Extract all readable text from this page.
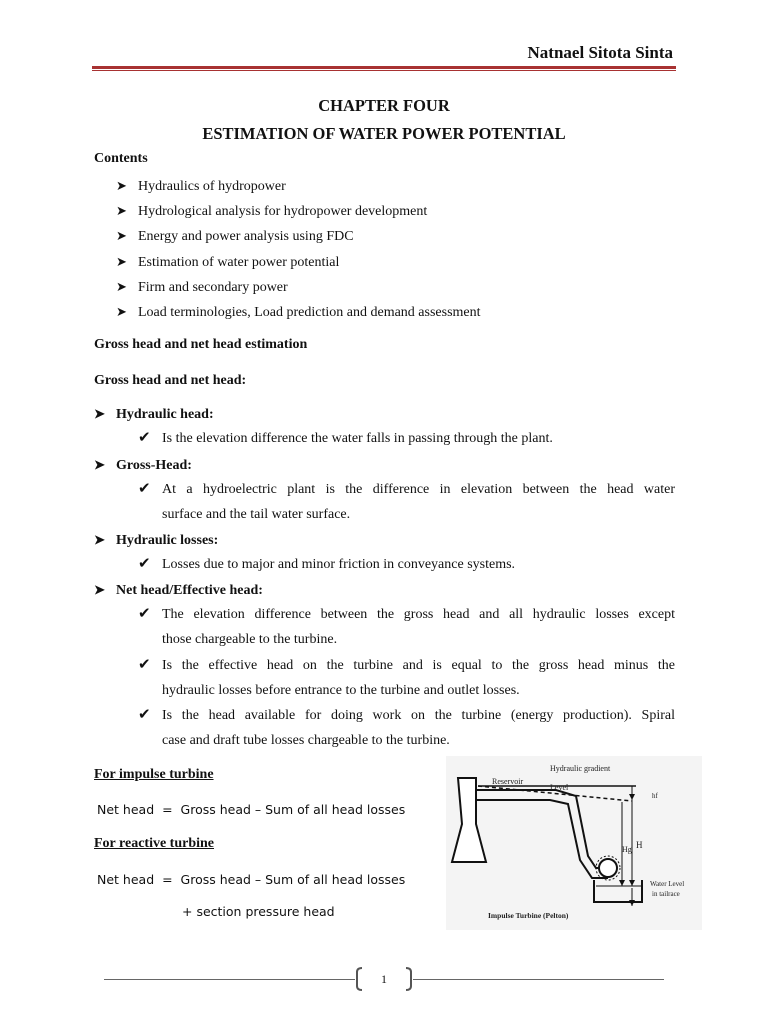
Natnael Sitota Sinta
CHAPTER FOUR
ESTIMATION OF WATER POWER POTENTIAL
Contents
➤ Hydraulics of hydropower
➤ Hydrological analysis for hydropower development
➤ Energy and power analysis using FDC
➤ Estimation of water power potential
➤ Firm and secondary power
➤ Load terminologies, Load prediction and demand assessment
Gross head and net head estimation
Gross head and net head:
➤ Hydraulic head:
✔ Is the elevation difference the water falls in passing through the plant.
➤ Gross-Head:
✔ At a hydroelectric plant is the difference in elevation between the head water
surface and the tail water surface.
➤ Hydraulic losses:
✔ Losses due to major and minor friction in conveyance systems.
➤ Net head/Effective head:
✔ The elevation difference between the gross head and all hydraulic losses except
those chargeable to the turbine.
✔ Is the effective head on the turbine and is equal to the gross head minus the
hydraulic losses before entrance to the turbine and outlet losses.
✔ Is the head available for doing work on the turbine (energy production). Spiral
case and draft tube losses chargeable to the turbine.
For impulse turbine
Net head = Gross head – Sum of all head losses
For reactive turbine
Net head = Gross head – Sum of all head losses
+ section pressure head
Hydraulic gradient
Level
Reservoir
hf
Hg H
Water Level
in tailrace
Impulse Turbine (Pelton)
1
